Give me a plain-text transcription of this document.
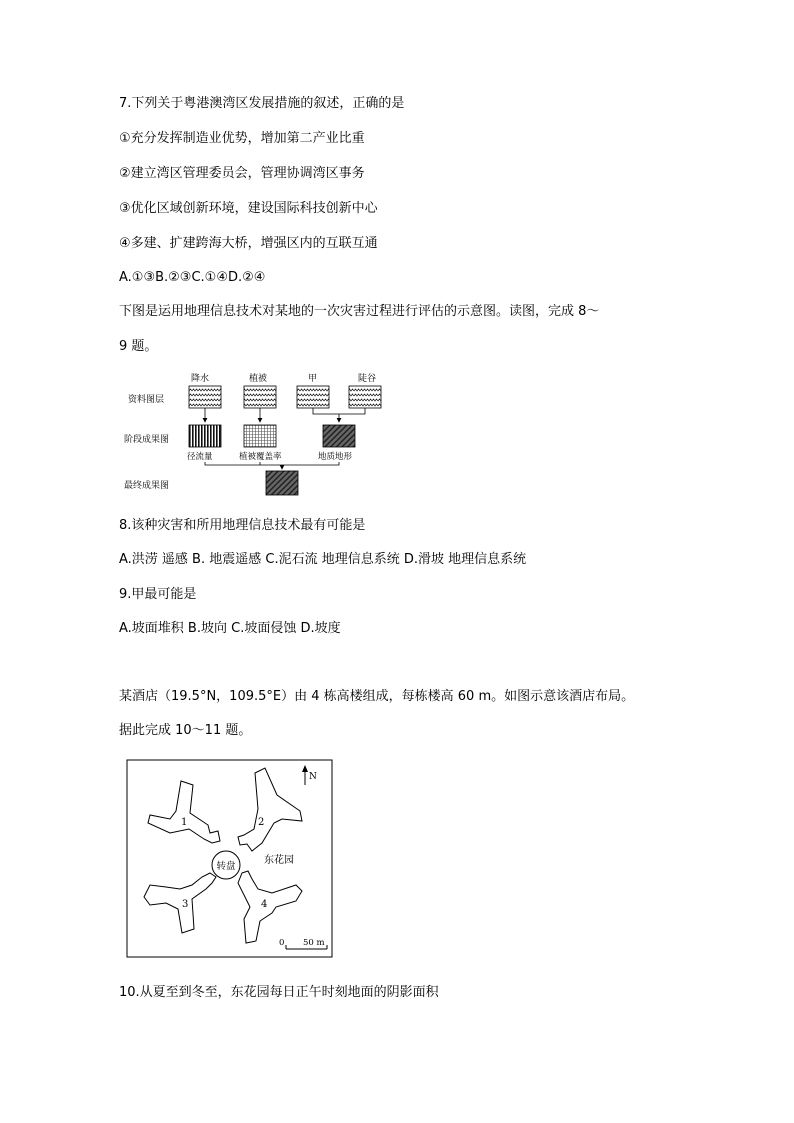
7.下列关于粤港澳湾区发展措施的叙述，正确的是
①充分发挥制造业优势，增加第二产业比重
②建立湾区管理委员会，管理协调湾区事务
③优化区域创新环境，建设国际科技创新中心
④多建、扩建跨海大桥，增强区内的互联互通
A.①③B.②③C.①④D.②④
下图是运用地理信息技术对某地的一次灾害过程进行评估的示意图。读图，完成 8～
9 题。
资料图层
阶段成果图
最终成果图
降水	植被	甲	陡谷
径流量	植被覆盖率	地质地形
8.该种灾害和所用地理信息技术最有可能是
A.洪涝 遥感 B. 地震遥感 C.泥石流 地理信息系统 D.滑坡 地理信息系统
9.甲最可能是
A.坡面堆积 B.坡向 C.坡面侵蚀 D.坡度
某酒店（19.5°N，109.5°E）由 4 栋高楼组成，每栋楼高 60 m。如图示意该酒店布局。
据此完成 10～11 题。
N
1	2
转盘
东花园
3	4
0 50 m
10.从夏至到冬至，东花园每日正午时刻地面的阴影面积
